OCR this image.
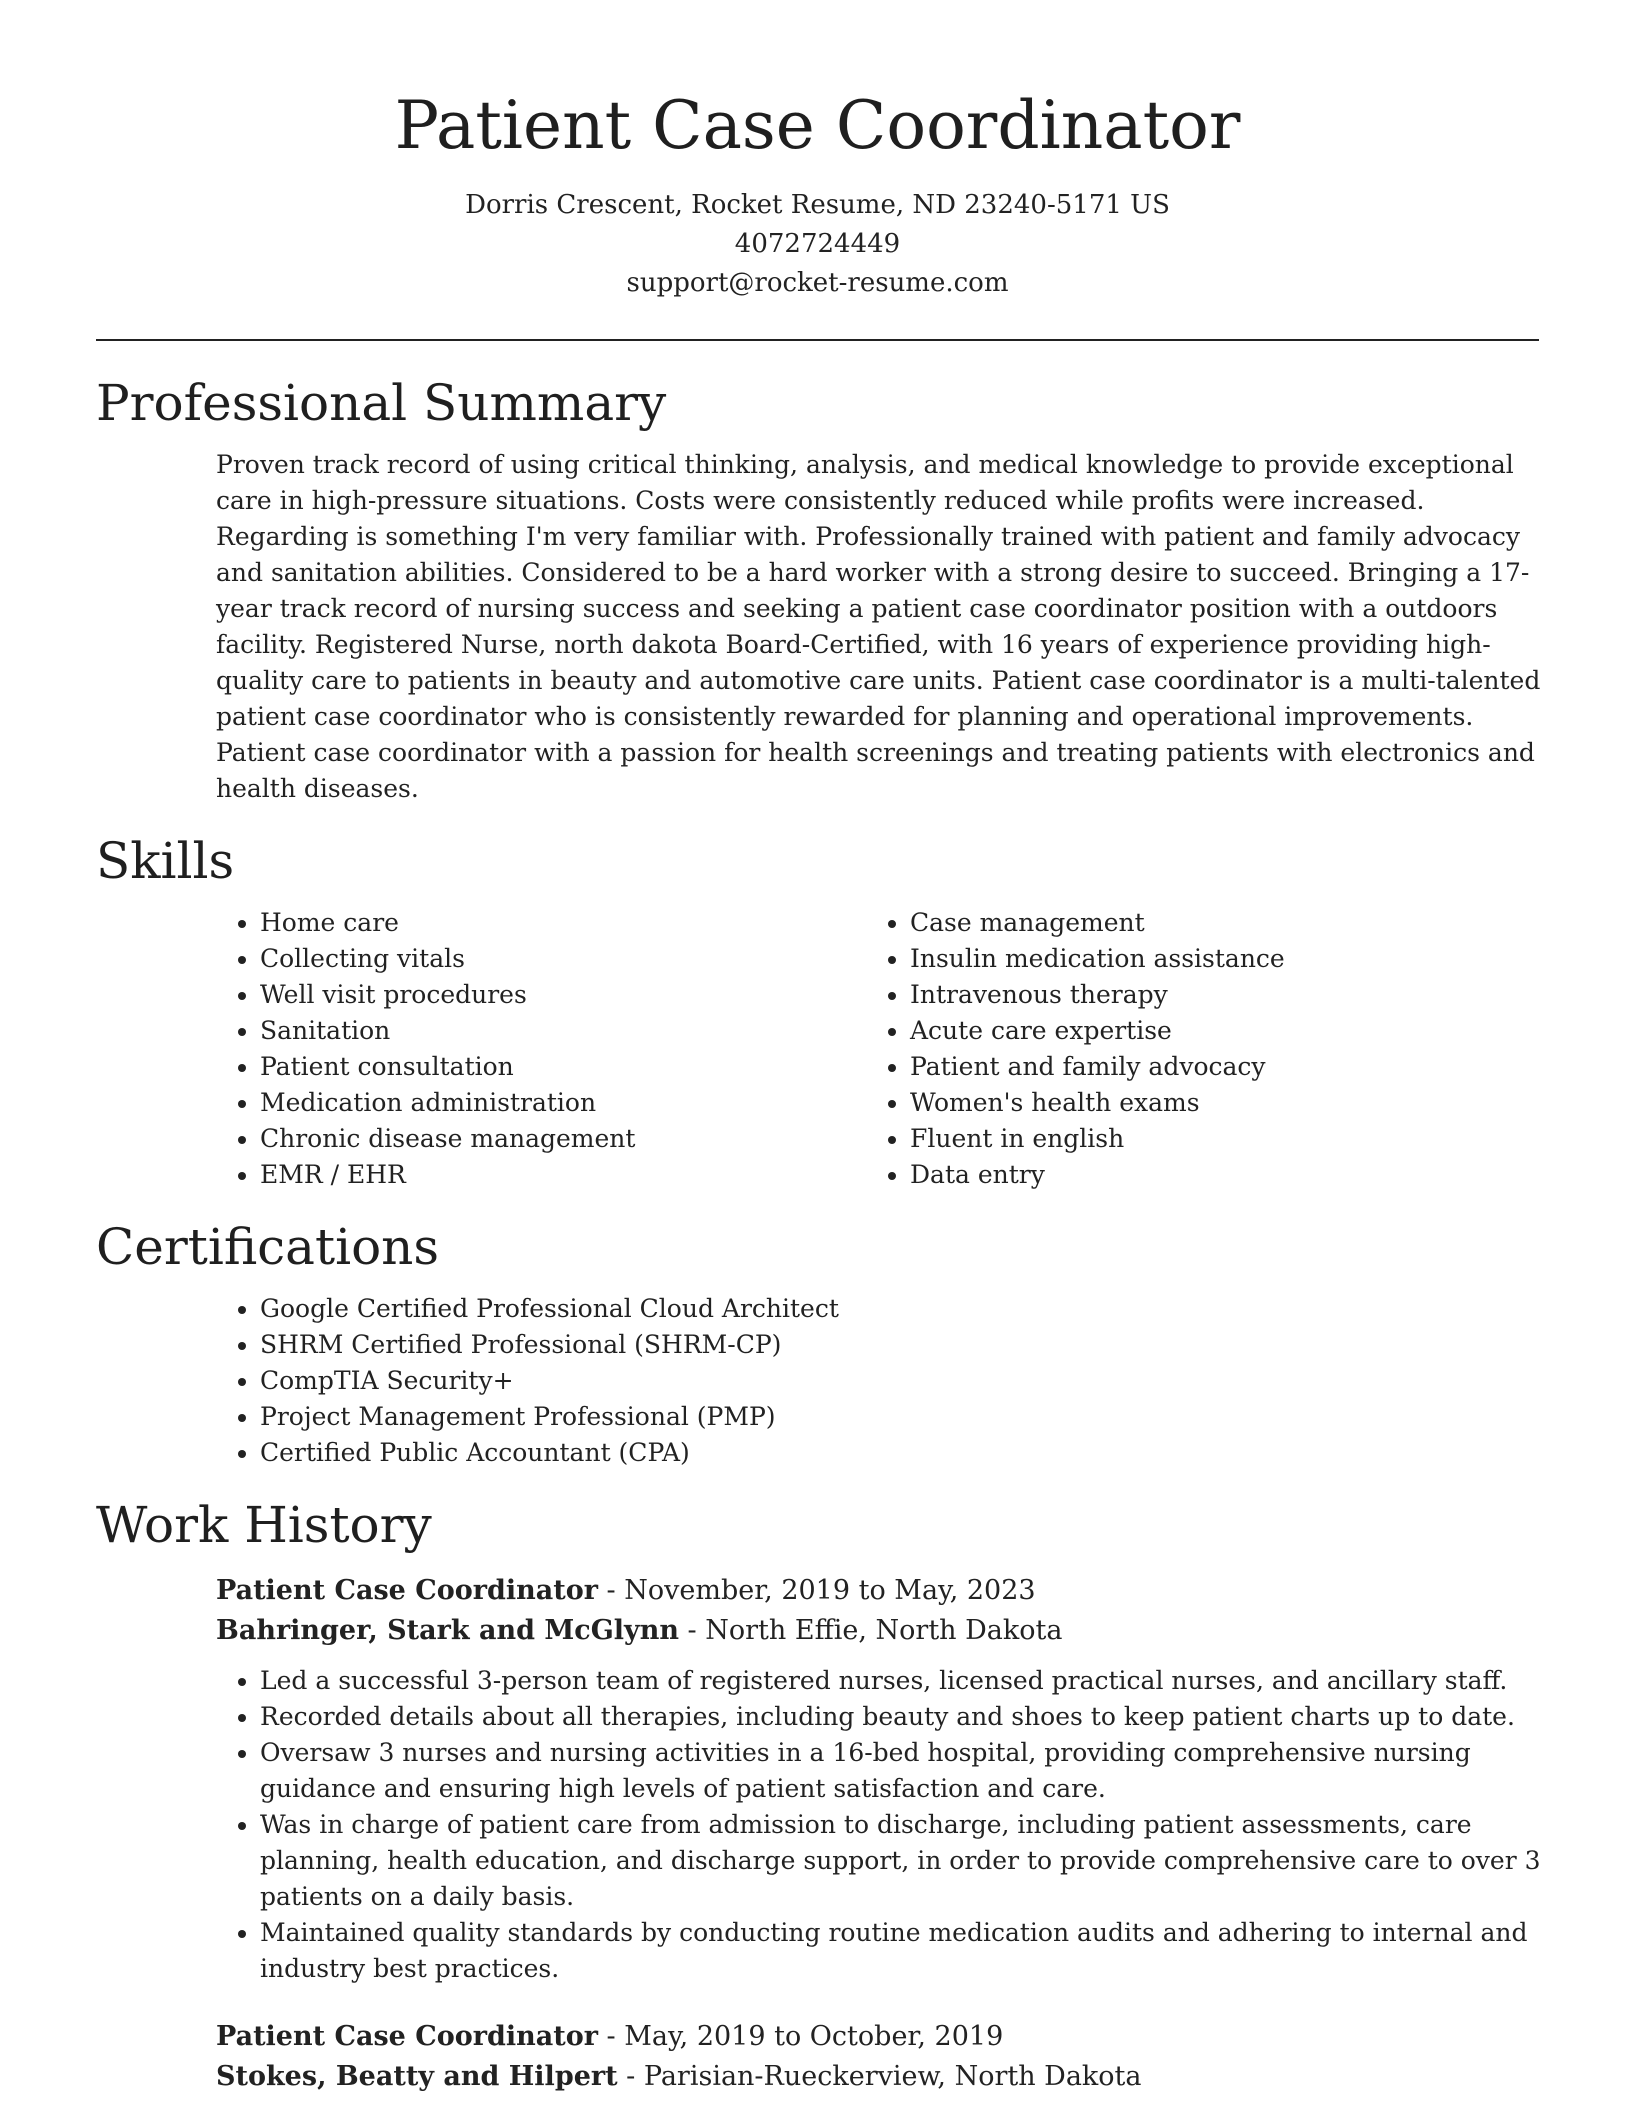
Patient Case Coordinator

Dorris Crescent, Rocket Resume, ND 23240-5171 US

4072724449

support@rocket-resume.com

Professional Summary

Proven track record of using critical thinking, analysis, and medical knowledge to provide exceptional care in high-pressure situations. Costs were consistently reduced while profits were increased. Regarding is something I'm very familiar with. Professionally trained with patient and family advocacy and sanitation abilities. Considered to be a hard worker with a strong desire to succeed. Bringing a 17-year track record of nursing success and seeking a patient case coordinator position with a outdoors facility. Registered Nurse, north dakota Board-Certified, with 16 years of experience providing high-quality care to patients in beauty and automotive care units. Patient case coordinator is a multi-talented patient case coordinator who is consistently rewarded for planning and operational improvements. Patient case coordinator with a passion for health screenings and treating patients with electronics and health diseases.

Skills
• Home care
• Collecting vitals
• Well visit procedures
• Sanitation
• Patient consultation
• Medication administration
• Chronic disease management
• EMR / EHR
• Case management
• Insulin medication assistance
• Intravenous therapy
• Acute care expertise
• Patient and family advocacy
• Women's health exams
• Fluent in english
• Data entry
Certifications
• Google Certified Professional Cloud Architect
• SHRM Certified Professional (SHRM-CP)
• CompTIA Security+
• Project Management Professional (PMP)
• Certified Public Accountant (CPA)
Work History

Patient Case Coordinator - November, 2019 to May, 2023

Bahringer, Stark and McGlynn - North Effie, North Dakota

• Led a successful 3-person team of registered nurses, licensed practical nurses, and ancillary staff.
• Recorded details about all therapies, including beauty and shoes to keep patient charts up to date.
• Oversaw 3 nurses and nursing activities in a 16-bed hospital, providing comprehensive nursing guidance and ensuring high levels of patient satisfaction and care.
• Was in charge of patient care from admission to discharge, including patient assessments, care planning, health education, and discharge support, in order to provide comprehensive care to over 3 patients on a daily basis.
• Maintained quality standards by conducting routine medication audits and adhering to internal and industry best practices.

Patient Case Coordinator - May, 2019 to October, 2019

Stokes, Beatty and Hilpert - Parisian-Rueckerview, North Dakota
